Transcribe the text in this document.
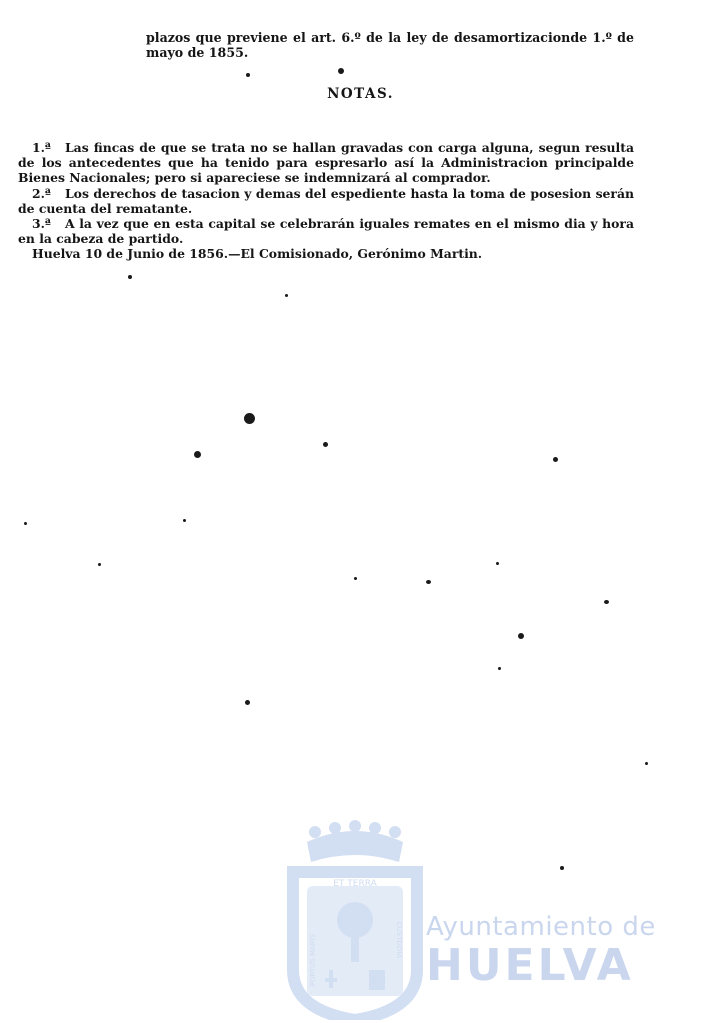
plazos que previene el art. 6.º de la ley de desamortizacionde 1.º de mayo de 1855.
NOTAS.
1.ª Las fincas de que se trata no se hallan gravadas con carga alguna, segun resulta de los antecedentes que ha tenido para espresarlo así la Administracion principalde Bienes Nacionales; pero si apareciese se indemnizará al comprador.
2.ª Los derechos de tasacion y demas del espediente hasta la toma de posesion serán de cuenta del rematante.
3.ª A la vez que en esta capital se celebrarán iguales remates en el mismo dia y hora en la cabeza de partido.
Huelva 10 de Junio de 1856.—El Comisionado, Gerónimo Martin.
ET TERRA
PORTUS MARIS	CUSTODIA Ayuntamiento de
HUELVA
